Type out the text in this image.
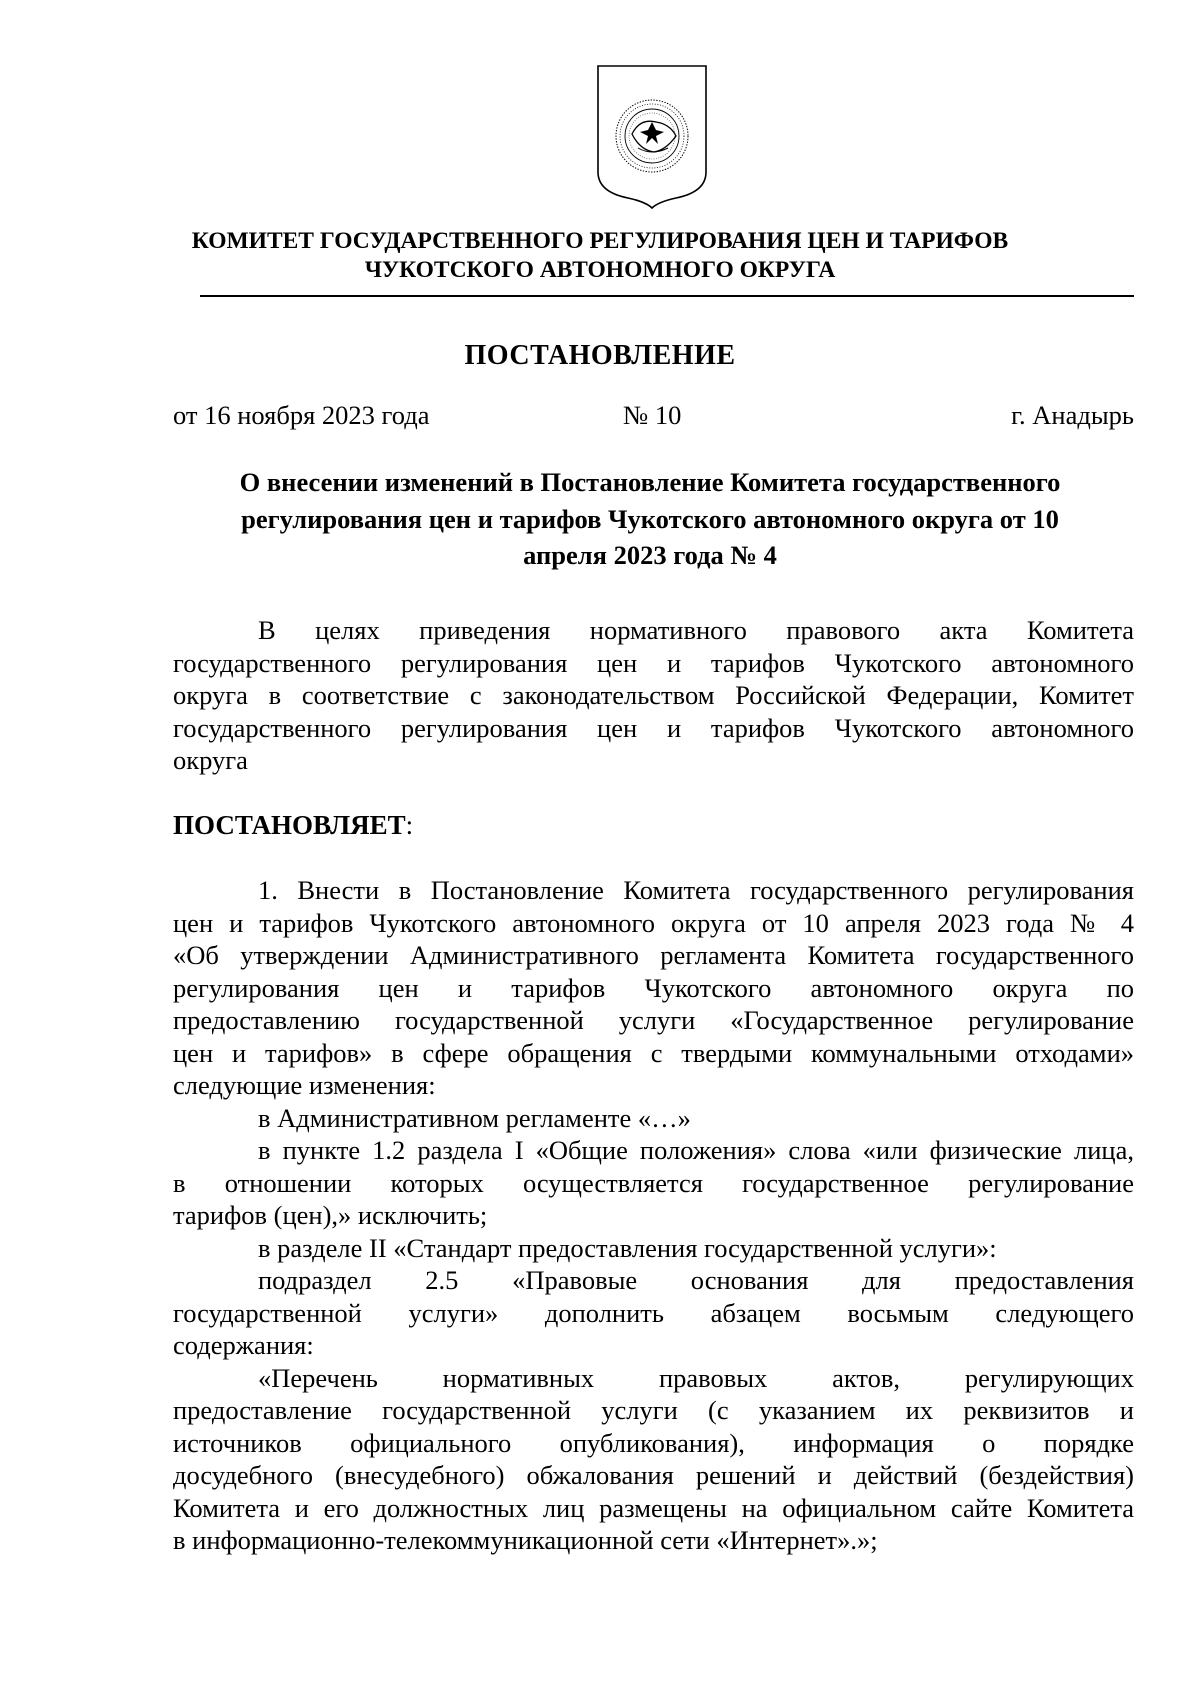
КОМИТЕТ ГОСУДАРСТВЕННОГО РЕГУЛИРОВАНИЯ ЦЕН И ТАРИФОВ
ЧУКОТСКОГО АВТОНОМНОГО ОКРУГА
ПОСТАНОВЛЕНИЕ
от 16 ноября 2023 года	№ 10	г. Анадырь
О внесении изменений в Постановление Комитета государственного
регулирования цен и тарифов Чукотского автономного округа от 10
апреля 2023 года № 4

В целях приведения нормативного правового акта Комитета

государственного регулирования цен и тарифов Чукотского автономного

округа в соответствие с законодательством Российской Федерации, Комитет

государственного регулирования цен и тарифов Чукотского автономного

округа

ПОСТАНОВЛЯЕТ:

1. Внести в Постановление Комитета государственного регулирования

цен и тарифов Чукотского автономного округа от 10 апреля 2023 года № 4

«Об утверждении Административного регламента Комитета государственного

регулирования цен и тарифов Чукотского автономного округа по

предоставлению государственной услуги «Государственное регулирование

цен и тарифов» в сфере обращения с твердыми коммунальными отходами»

следующие изменения:

в Административном регламенте «…»

в пункте 1.2 раздела I «Общие положения» слова «или физические лица,

в отношении которых осуществляется государственное регулирование

тарифов (цен),» исключить;

в разделе II «Стандарт предоставления государственной услуги»:

подраздел 2.5 «Правовые основания для предоставления

государственной услуги» дополнить абзацем восьмым следующего

содержания:

«Перечень нормативных правовых актов, регулирующих

предоставление государственной услуги (с указанием их реквизитов и

источников официального опубликования), информация о порядке

досудебного (внесудебного) обжалования решений и действий (бездействия)

Комитета и его должностных лиц размещены на официальном сайте Комитета

в информационно-телекоммуникационной сети «Интернет».»;
